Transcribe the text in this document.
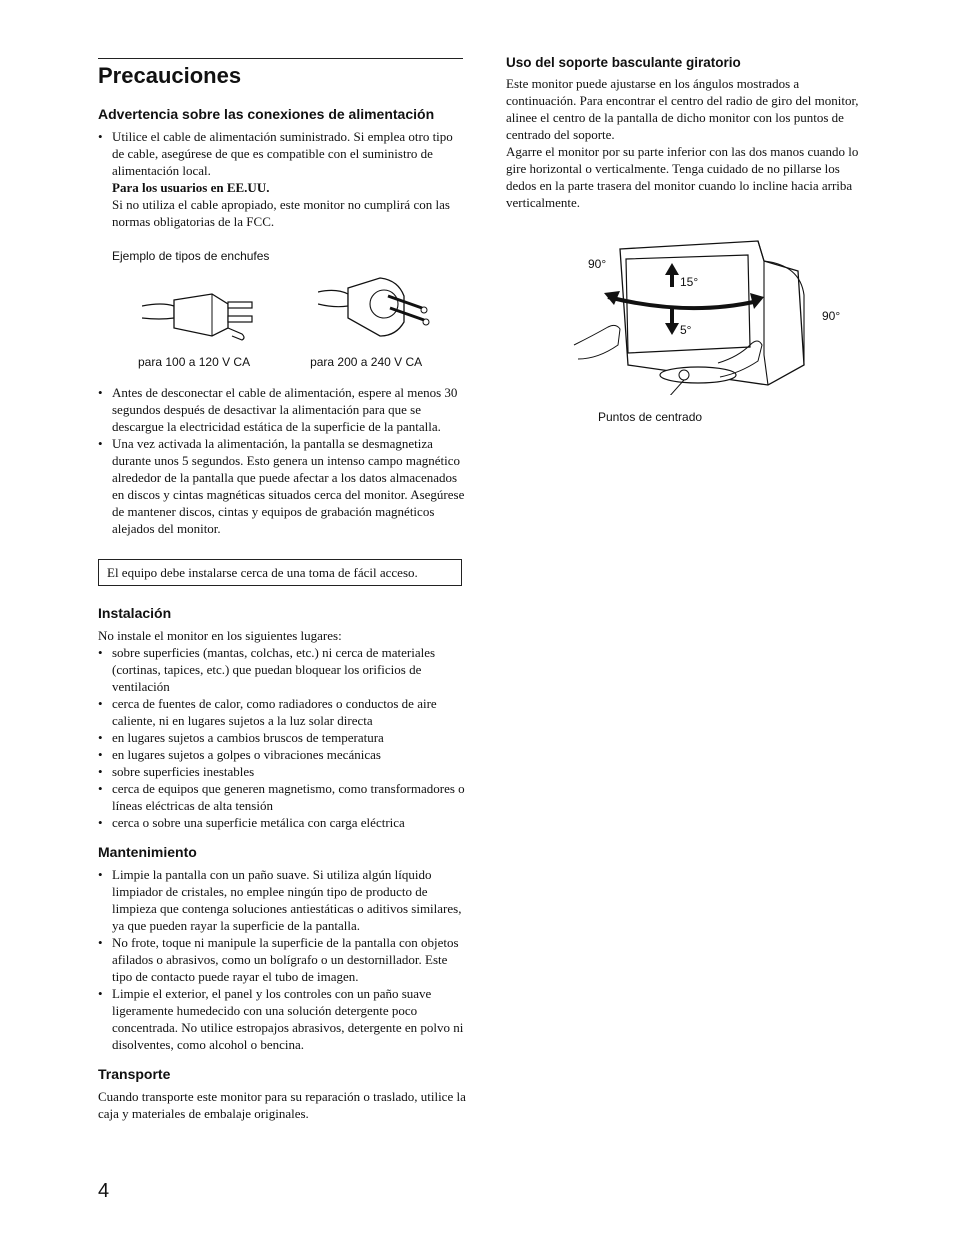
Precauciones
Advertencia sobre las conexiones de alimentación
• Utilice el cable de alimentación suministrado. Si emplea otro tipo de cable, asegúrese de que es compatible con el suministro de alimentación local.
Para los usuarios en EE.UU.
Si no utiliza el cable apropiado, este monitor no cumplirá con las normas obligatorias de la FCC.
Ejemplo de tipos de enchufes
para 100 a 120 V CA	para 200 a 240 V CA
• Antes de desconectar el cable de alimentación, espere al menos 30 segundos después de desactivar la alimentación para que se descargue la electricidad estática de la superficie de la pantalla.
• Una vez activada la alimentación, la pantalla se desmagnetiza durante unos 5 segundos. Esto genera un intenso campo magnético alrededor de la pantalla que puede afectar a los datos almacenados en discos y cintas magnéticas situados cerca del monitor. Asegúrese de mantener discos, cintas y equipos de grabación magnéticos alejados del monitor.
El equipo debe instalarse cerca de una toma de fácil acceso.
Instalación

No instale el monitor en los siguientes lugares:

• sobre superficies (mantas, colchas, etc.) ni cerca de materiales (cortinas, tapices, etc.) que puedan bloquear los orificios de ventilación
• cerca de fuentes de calor, como radiadores o conductos de aire caliente, ni en lugares sujetos a la luz solar directa
• en lugares sujetos a cambios bruscos de temperatura
• en lugares sujetos a golpes o vibraciones mecánicas
• sobre superficies inestables
• cerca de equipos que generen magnetismo, como transformadores o líneas eléctricas de alta tensión
• cerca o sobre una superficie metálica con carga eléctrica
Mantenimiento
• Limpie la pantalla con un paño suave. Si utiliza algún líquido limpiador de cristales, no emplee ningún tipo de producto de limpieza que contenga soluciones antiestáticas o aditivos similares, ya que pueden rayar la superficie de la pantalla.
• No frote, toque ni manipule la superficie de la pantalla con objetos afilados o abrasivos, como un bolígrafo o un destornillador. Este tipo de contacto puede rayar el tubo de imagen.
• Limpie el exterior, el panel y los controles con un paño suave ligeramente humedecido con una solución detergente poco concentrada. No utilice estropajos abrasivos, detergente en polvo ni disolventes, como alcohol o bencina.
Transporte

Cuando transporte este monitor para su reparación o traslado, utilice la caja y materiales de embalaje originales.

Uso del soporte basculante giratorio

Este monitor puede ajustarse en los ángulos mostrados a continuación. Para encontrar el centro del radio de giro del monitor, alinee el centro de la pantalla de dicho monitor con los puntos de centrado del soporte.

Agarre el monitor por su parte inferior con las dos manos cuando lo gire horizontal o verticalmente. Tenga cuidado de no pillarse los dedos en la parte trasera del monitor cuando lo incline hacia arriba verticalmente.

90°
90°
15°
5°
Puntos de centrado
4
